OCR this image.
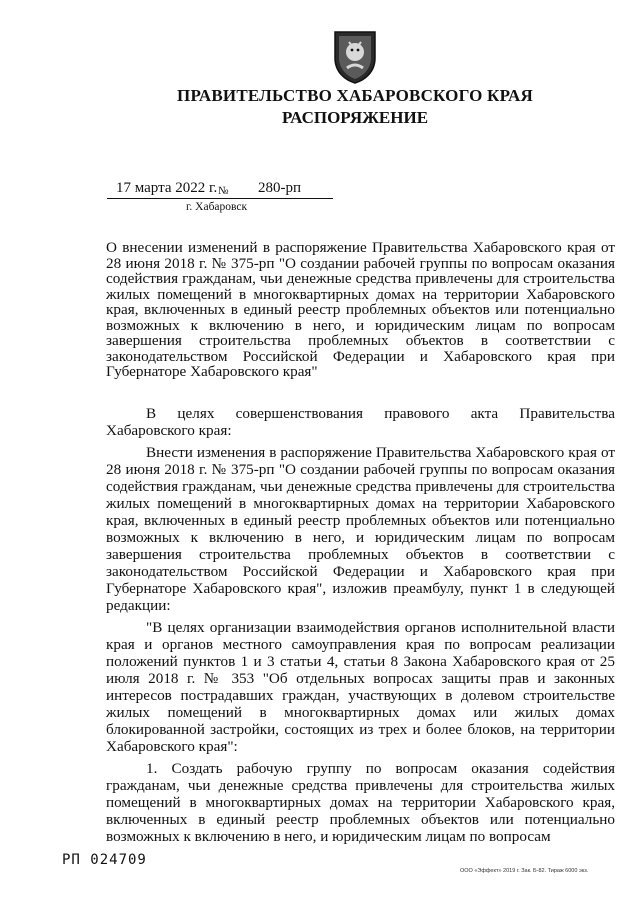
ПРАВИТЕЛЬСТВО ХАБАРОВСКОГО КРАЯ
РАСПОРЯЖЕНИЕ
17 марта 2022 г. № 280-рп
г. Хабаровск
О внесении изменений в распоряжение Правительства Хабаровского края от 28 июня 2018 г. № 375-рп "О создании рабочей группы по вопросам оказания содействия гражданам, чьи денежные средства привлечены для строительства жилых помещений в многоквартирных домах на территории Хабаровского края, включенных в единый реестр проблемных объектов или потенциально возможных к включению в него, и юридическим лицам по вопросам завершения строительства проблемных объектов в соответствии с законодательством Российской Федерации и Хабаровского края при Губернаторе Хабаровского края"

В целях совершенствования правового акта Правительства Хабаровского края:

Внести изменения в распоряжение Правительства Хабаровского края от 28 июня 2018 г. № 375-рп "О создании рабочей группы по вопросам оказания содействия гражданам, чьи денежные средства привлечены для строительства жилых помещений в многоквартирных домах на территории Хабаровского края, включенных в единый реестр проблемных объектов или потенциально возможных к включению в него, и юридическим лицам по вопросам завершения строительства проблемных объектов в соответствии с законодательством Российской Федерации и Хабаровского края при Губернаторе Хабаровского края", изложив преамбулу, пункт 1 в следующей редакции:

"В целях организации взаимодействия органов исполнительной власти края и органов местного самоуправления края по вопросам реализации положений пунктов 1 и 3 статьи 4, статьи 8 Закона Хабаровского края от 25 июля 2018 г. № 353 "Об отдельных вопросах защиты прав и законных интересов пострадавших граждан, участвующих в долевом строительстве жилых помещений в многоквартирных домах или жилых домах блокированной застройки, состоящих из трех и более блоков, на территории Хабаровского края":

1. Создать рабочую группу по вопросам оказания содействия гражданам, чьи денежные средства привлечены для строительства жилых помещений в многоквартирных домах на территории Хабаровского края, включенных в единый реестр проблемных объектов или потенциально возможных к включению в него, и юридическим лицам по вопросам

РП 024709
ООО «Эффект» 2019 г. Зак. Б-82. Тираж 6000 экз.
